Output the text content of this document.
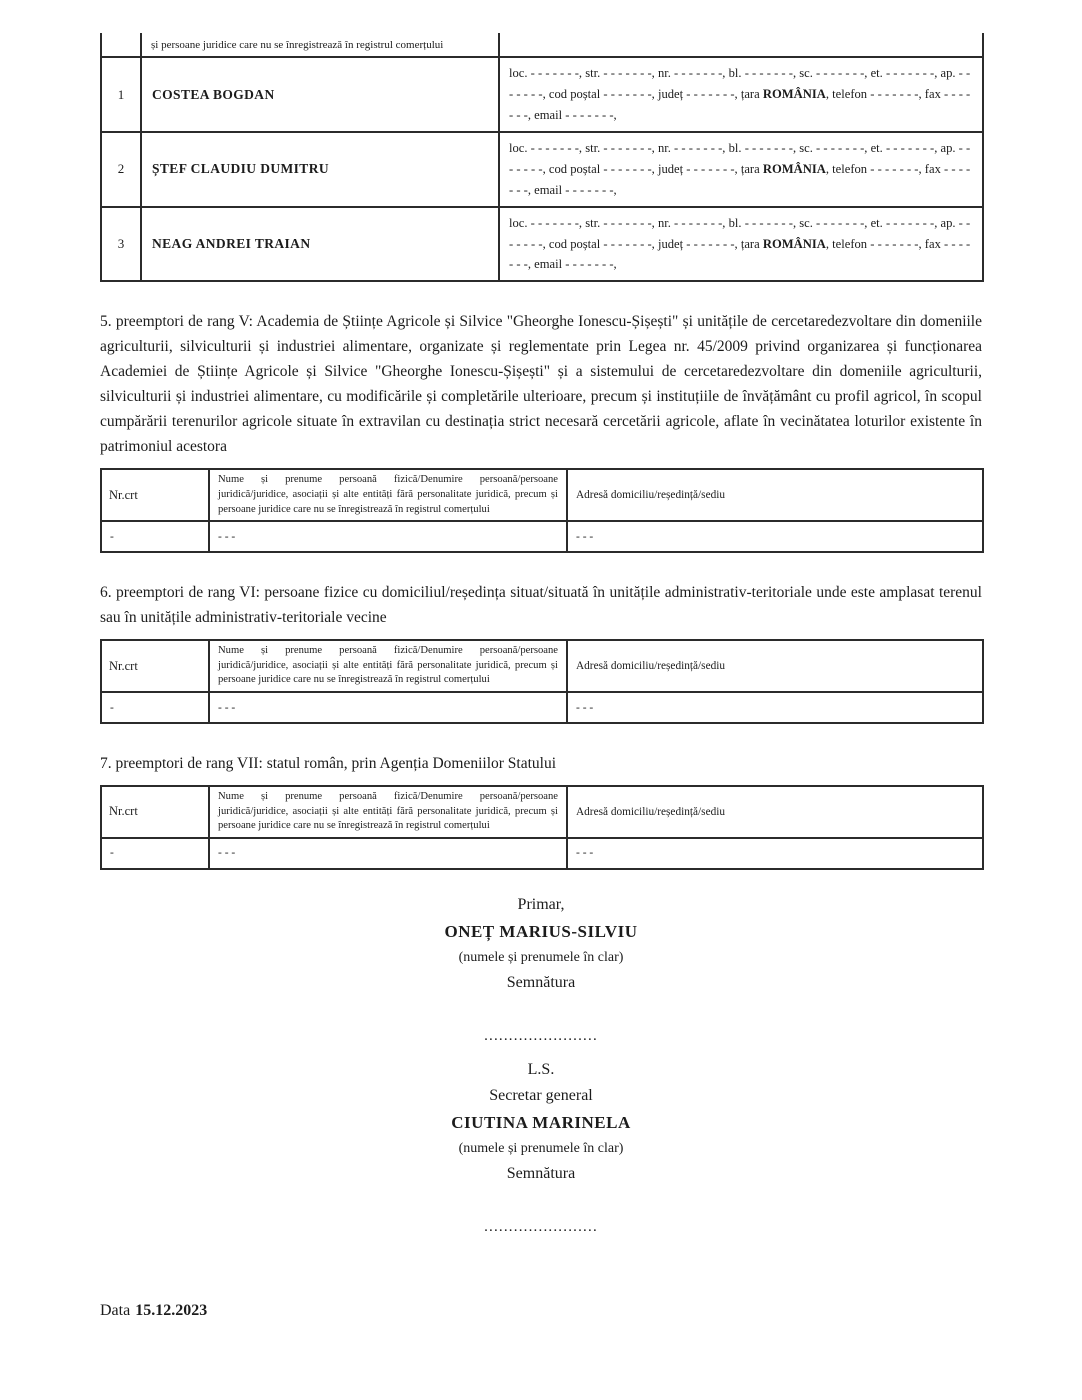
	și persoane juridice care nu se înregistrează în registrul comerțului	
1	COSTEA BOGDAN	loc. - - - - - - -, str. - - - - - - -, nr. - - - - - - -, bl. - - - - - - -, sc. - - - - - - -, et. - - - - - - -, ap. - - - - - - -, cod poștal - - - - - - -, județ - - - - - - -, țara ROMÂNIA, telefon - - - - - - -, fax - - - - - - -, email - - - - - - -,
2	ȘTEF CLAUDIU DUMITRU	loc. - - - - - - -, str. - - - - - - -, nr. - - - - - - -, bl. - - - - - - -, sc. - - - - - - -, et. - - - - - - -, ap. - - - - - - -, cod poștal - - - - - - -, județ - - - - - - -, țara ROMÂNIA, telefon - - - - - - -, fax - - - - - - -, email - - - - - - -,
3	NEAG ANDREI TRAIAN	loc. - - - - - - -, str. - - - - - - -, nr. - - - - - - -, bl. - - - - - - -, sc. - - - - - - -, et. - - - - - - -, ap. - - - - - - -, cod poștal - - - - - - -, județ - - - - - - -, țara ROMÂNIA, telefon - - - - - - -, fax - - - - - - -, email - - - - - - -,

5. preemptori de rang V: Academia de Științe Agricole și Silvice "Gheorghe Ionescu-Șișești" și unitățile de cercetaredezvoltare din domeniile agriculturii, silviculturii și industriei alimentare, organizate și reglementate prin Legea nr. 45/2009 privind organizarea și funcționarea Academiei de Științe Agricole și Silvice "Gheorghe Ionescu-Șișești" și a sistemului de cercetaredezvoltare din domeniile agriculturii, silviculturii și industriei alimentare, cu modificările și completările ulterioare, precum și instituțiile de învățământ cu profil agricol, în scopul cumpărării terenurilor agricole situate în extravilan cu destinația strict necesară cercetării agricole, aflate în vecinătatea loturilor existente în patrimoniul acestora

Nr.crt	Nume și prenume persoană fizică/Denumire persoană/persoane juridică/juridice, asociații și alte entități fără personalitate juridică, precum și persoane juridice care nu se înregistrează în registrul comerțului	Adresă domiciliu/reședință/sediu
-	- - -	- - -

6. preemptori de rang VI: persoane fizice cu domiciliul/reședința situat/situată în unitățile administrativ-teritoriale unde este amplasat terenul sau în unitățile administrativ-teritoriale vecine

Nr.crt	Nume și prenume persoană fizică/Denumire persoană/persoane juridică/juridice, asociații și alte entități fără personalitate juridică, precum și persoane juridice care nu se înregistrează în registrul comerțului	Adresă domiciliu/reședință/sediu
-	- - -	- - -

7. preemptori de rang VII: statul român, prin Agenția Domeniilor Statului

Nr.crt	Nume și prenume persoană fizică/Denumire persoană/persoane juridică/juridice, asociații și alte entități fără personalitate juridică, precum și persoane juridice care nu se înregistrează în registrul comerțului	Adresă domiciliu/reședință/sediu
-	- - -	- - -
Primar,
ONEȚ MARIUS-SILVIU
(numele și prenumele în clar)
Semnătura
.......................
L.S.
Secretar general
CIUTINA MARINELA
(numele și prenumele în clar)
Semnătura
.......................
Data 15.12.2023
